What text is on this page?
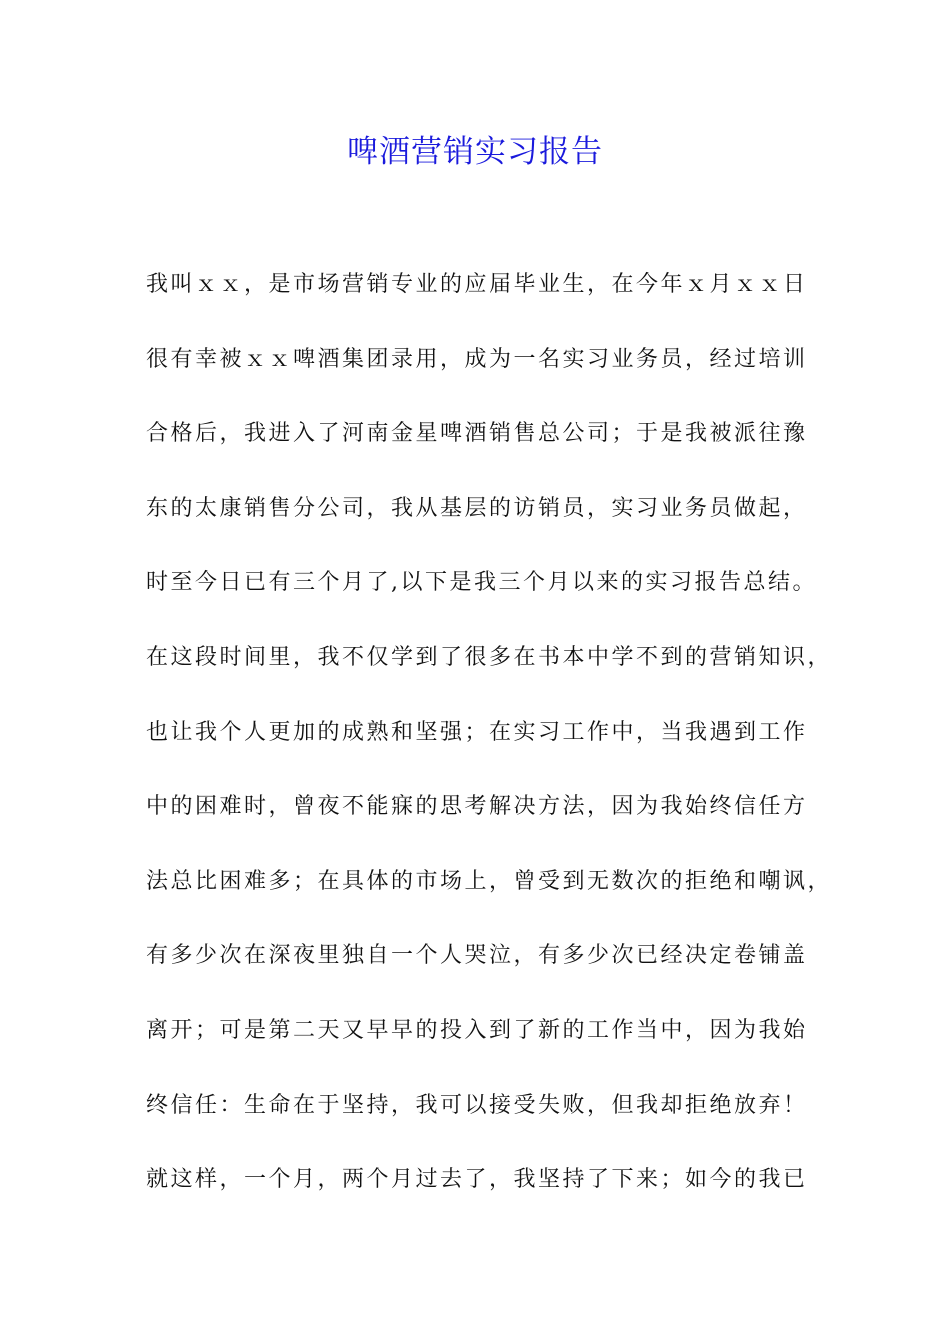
啤酒营销实习报告
我叫ｘｘ，是市场营销专业的应届毕业生，在今年ｘ月ｘｘ日
很有幸被ｘｘ啤酒集团录用，成为一名实习业务员，经过培训
合格后，我进入了河南金星啤酒销售总公司；于是我被派往豫
东的太康销售分公司，我从基层的访销员，实习业务员做起，
时至今日已有三个月了,以下是我三个月以来的实习报告总结。
在这段时间里，我不仅学到了很多在书本中学不到的营销知识，
也让我个人更加的成熟和坚强；在实习工作中，当我遇到工作
中的困难时，曾夜不能寐的思考解决方法，因为我始终信任方
法总比困难多；在具体的市场上，曾受到无数次的拒绝和嘲讽，
有多少次在深夜里独自一个人哭泣，有多少次已经决定卷铺盖
离开；可是第二天又早早的投入到了新的工作当中，因为我始
终信任：生命在于坚持，我可以接受失败，但我却拒绝放弃！
就这样，一个月，两个月过去了，我坚持了下来；如今的我已
